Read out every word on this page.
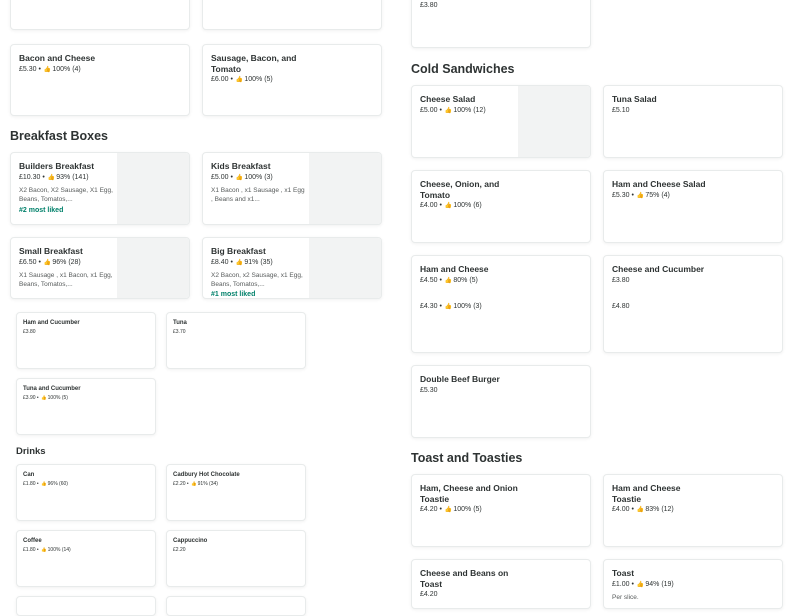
£3.80
Bacon and Cheese
£5.30 • 👍100% (4)
Sausage, Bacon, and Tomato
£6.00 • 👍100% (5)
Breakfast Boxes
Builders Breakfast
£10.30 • 👍93% (141)
X2 Bacon, X2 Sausage, X1 Egg, Beans, Tomatos,...
#2 most liked
Kids Breakfast
£5.00 • 👍100% (3)
X1 Bacon , x1 Sausage , x1 Egg , Beans and x1...
Small Breakfast
£6.50 • 👍96% (28)
X1 Sausage , x1 Bacon, x1 Egg, Beans, Tomatos,...
Big Breakfast
£8.40 • 👍91% (35)
X2 Bacon, x2 Sausage, x1 Egg, Beans, Tomatos,...
#1 most liked
Ham and Cucumber
£3.80
Tuna
£3.70
Tuna and Cucumber
£3.90 • 👍100% (5)
Drinks
Can
£1.80 • 👍96% (60)
Cadbury Hot Chocolate
£2.20 • 👍91% (34)
Coffee
£1.80 • 👍100% (14)
Cappuccino
£2.20
Cold Sandwiches
Cheese Salad
£5.00 • 👍100% (12)
Tuna Salad
£5.10
Cheese, Onion, and Tomato
£4.00 • 👍100% (6)
Ham and Cheese Salad
£5.30 • 👍75% (4)
Ham and Cheese
£4.50 • 👍80% (5)
£4.30 • 👍100% (3)
Cheese and Cucumber
£3.80
£4.80
Double Beef Burger
£5.30
Toast and Toasties
Ham, Cheese and Onion Toastie
£4.20 • 👍100% (5)
Ham and Cheese Toastie
£4.00 • 👍83% (12)
Cheese and Beans on Toast
£4.20
Toast
£1.00 • 👍94% (19)
Per slice.
